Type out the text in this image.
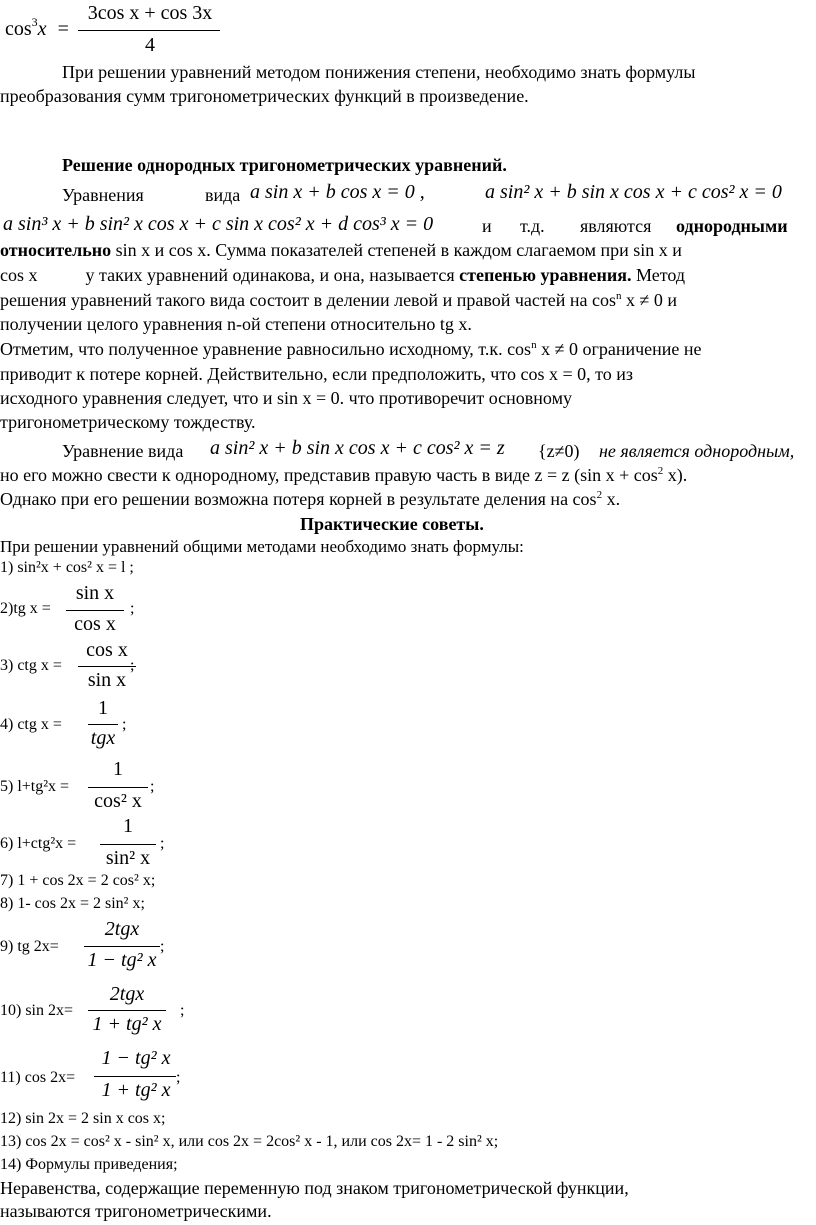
$\cos^3x$ =
3cos x + cos 3x
4
При решении уравнений методом понижения степени, необходимо знать формулы
преобразования сумм тригонометрических функций в произведение.
Решение однородных тригонометрических уравнений.
Уравнения	вида a sin x + b cos x = 0 ,	a sin² x + b sin x cos x + c cos² x = 0
a sin³ x + b sin² x cos x + c sin x cos² x + d cos³ x = 0	и т.д. являются однородными
относительно sin x и cos x. Сумма показателей степеней в каждом слагаемом при sin x и
cos x	у таких уравнений одинакова, и она, называется степенью уравнения. Метод
решения уравнений такого вида состоит в делении левой и правой частей на $\cos^n x \ne 0$ и
получении целого уравнения n-ой степени относительно tg x.
Отметим, что полученное уравнение равносильно исходному, т.к. $\cos^n x \ne 0$ ограничение не
приводит к потере корней. Действительно, если предположить, что cos x = 0, то из
исходного уравнения следует, что и sin x = 0. что противоречит основному
тригонометрическому тождеству.
Уравнение вида a sin² x + b sin x cos x + c cos² x = z {z≠0) не является однородным,
но его можно свести к однородному, представив правую часть в виде z = z (sin $x + \cos^2 x$).
Однако при его решении возможна потеря корней в результате деления на $\cos^2 x$.
Практические советы.
При решении уравнений общими методами необходимо знать формулы:
1) sin²x + cos² x = l ;
2)tg x =
sin x
cos x
;
3) ctg x =
cos x
sin x
;
4) ctg x =
1
tgx
;
5) l+tg²x =
1
cos² x
;
6) l+ctg²x =
1
sin² x
;
7) 1 + cos 2x = 2 cos² x;
8) 1- cos 2x = 2 sin² x;
9) tg 2x=
2tgx
1 − tg² x
;
10) sin 2x=
2tgx
1 + tg² x
;
11) cos 2x=
1 − tg² x
1 + tg² x
;
12) sin 2x = 2 sin x cos x;
13) cos 2x = cos² x - sin² x, или cos 2x = 2cos² x - 1, или cos 2x= 1 - 2 sin² x;
14) Формулы приведения;
Неравенства, содержащие переменную под знаком тригонометрической функции,
называются тригонометрическими.
